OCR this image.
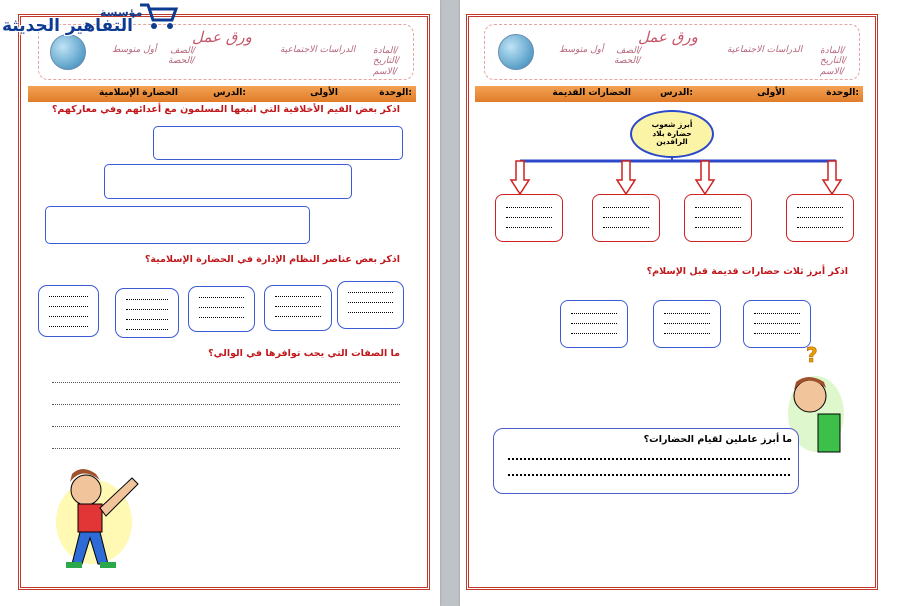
ورق عمل
المادة/
الدراسات الاجتماعية
الصف/
أول متوسط
التاريخ/
الحصة/
الاسم/
الوحدة:
الأولى
الدرس:
الحضارة الإسلامية
اذكر بعض القيم الأخلاقية التي اتبعها المسلمون مع أعدائهم وفي معاركهم؟
اذكر بعض عناصر النظام الإدارة في الحضارة الإسلامية؟
ما الصفات التي يجب توافرها في الوالي؟
ورق عمل
المادة/
الدراسات الاجتماعية
الصف/
أول متوسط
التاريخ/
الحصة/
الاسم/
الوحدة:
الأولى
الدرس:
الحضارات القديمة
أبرز شعوب حضارة بلاد الرافدين
اذكر أبرز ثلاث حضارات قديمة قبل الإسلام؟
?
ما أبرز عاملين لقيام الحضارات؟
مؤسسة
التفاهير الحديثة
